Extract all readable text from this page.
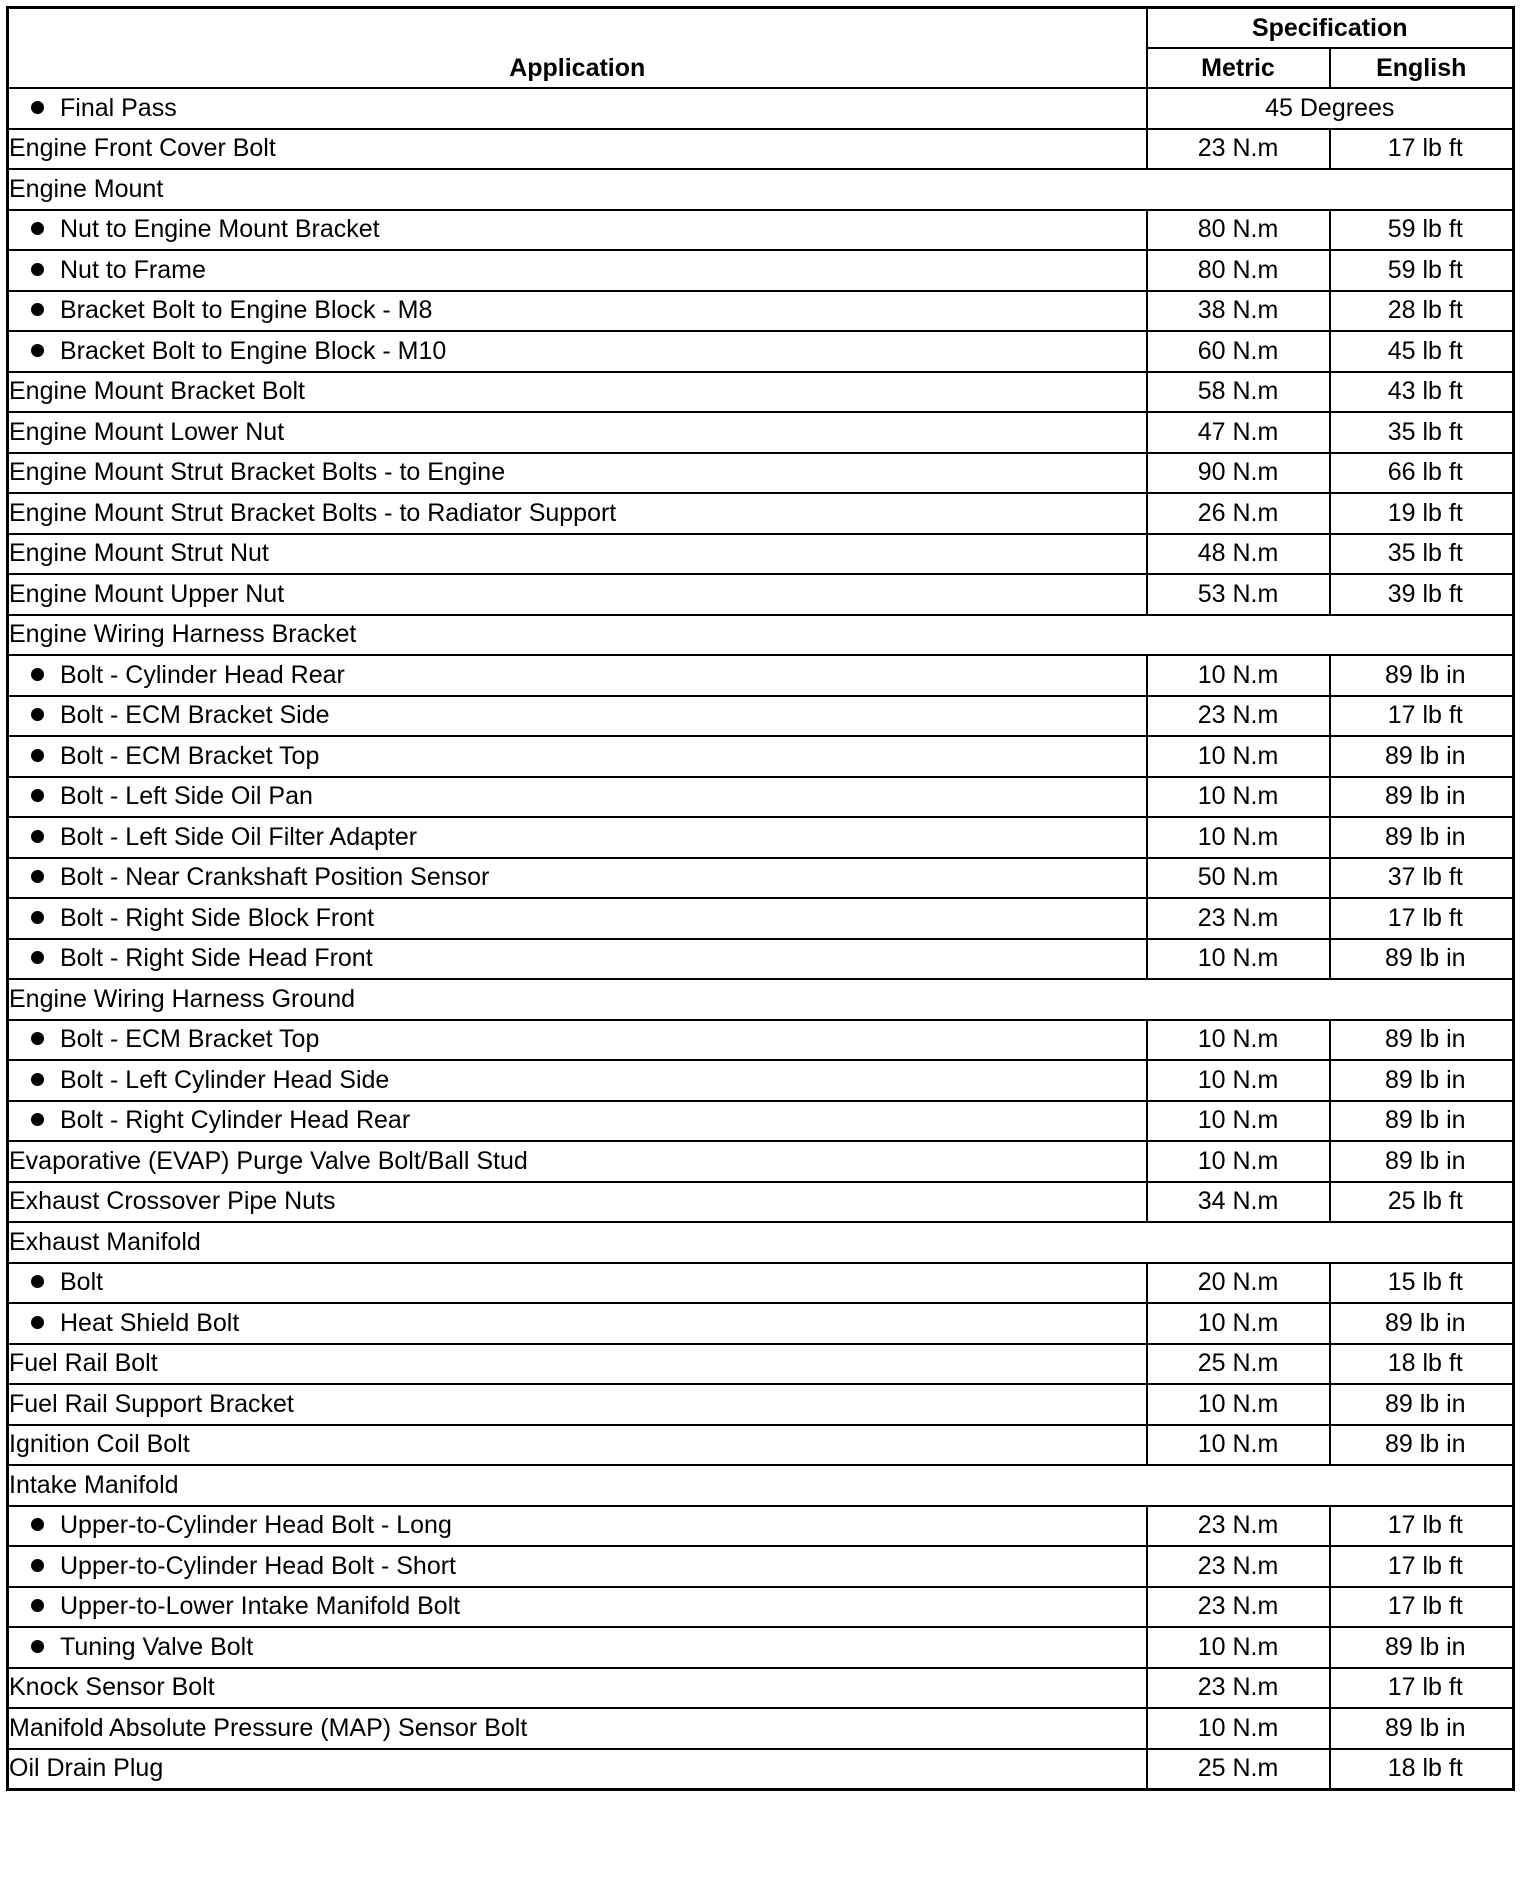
Application	Specification	
	Metric	English
Final Pass	45 Degrees	
Engine Front Cover Bolt	23 N.m	17 lb ft
Engine Mount		
Nut to Engine Mount Bracket	80 N.m	59 lb ft
Nut to Frame	80 N.m	59 lb ft
Bracket Bolt to Engine Block - M8	38 N.m	28 lb ft
Bracket Bolt to Engine Block - M10	60 N.m	45 lb ft
Engine Mount Bracket Bolt	58 N.m	43 lb ft
Engine Mount Lower Nut	47 N.m	35 lb ft
Engine Mount Strut Bracket Bolts - to Engine	90 N.m	66 lb ft
Engine Mount Strut Bracket Bolts - to Radiator Support	26 N.m	19 lb ft
Engine Mount Strut Nut	48 N.m	35 lb ft
Engine Mount Upper Nut	53 N.m	39 lb ft
Engine Wiring Harness Bracket		
Bolt - Cylinder Head Rear	10 N.m	89 lb in
Bolt - ECM Bracket Side	23 N.m	17 lb ft
Bolt - ECM Bracket Top	10 N.m	89 lb in
Bolt - Left Side Oil Pan	10 N.m	89 lb in
Bolt - Left Side Oil Filter Adapter	10 N.m	89 lb in
Bolt - Near Crankshaft Position Sensor	50 N.m	37 lb ft
Bolt - Right Side Block Front	23 N.m	17 lb ft
Bolt - Right Side Head Front	10 N.m	89 lb in
Engine Wiring Harness Ground		
Bolt - ECM Bracket Top	10 N.m	89 lb in
Bolt - Left Cylinder Head Side	10 N.m	89 lb in
Bolt - Right Cylinder Head Rear	10 N.m	89 lb in
Evaporative (EVAP) Purge Valve Bolt/Ball Stud	10 N.m	89 lb in
Exhaust Crossover Pipe Nuts	34 N.m	25 lb ft
Exhaust Manifold		
Bolt	20 N.m	15 lb ft
Heat Shield Bolt	10 N.m	89 lb in
Fuel Rail Bolt	25 N.m	18 lb ft
Fuel Rail Support Bracket	10 N.m	89 lb in
Ignition Coil Bolt	10 N.m	89 lb in
Intake Manifold		
Upper-to-Cylinder Head Bolt - Long	23 N.m	17 lb ft
Upper-to-Cylinder Head Bolt - Short	23 N.m	17 lb ft
Upper-to-Lower Intake Manifold Bolt	23 N.m	17 lb ft
Tuning Valve Bolt	10 N.m	89 lb in
Knock Sensor Bolt	23 N.m	17 lb ft
Manifold Absolute Pressure (MAP) Sensor Bolt	10 N.m	89 lb in
Oil Drain Plug	25 N.m	18 lb ft
